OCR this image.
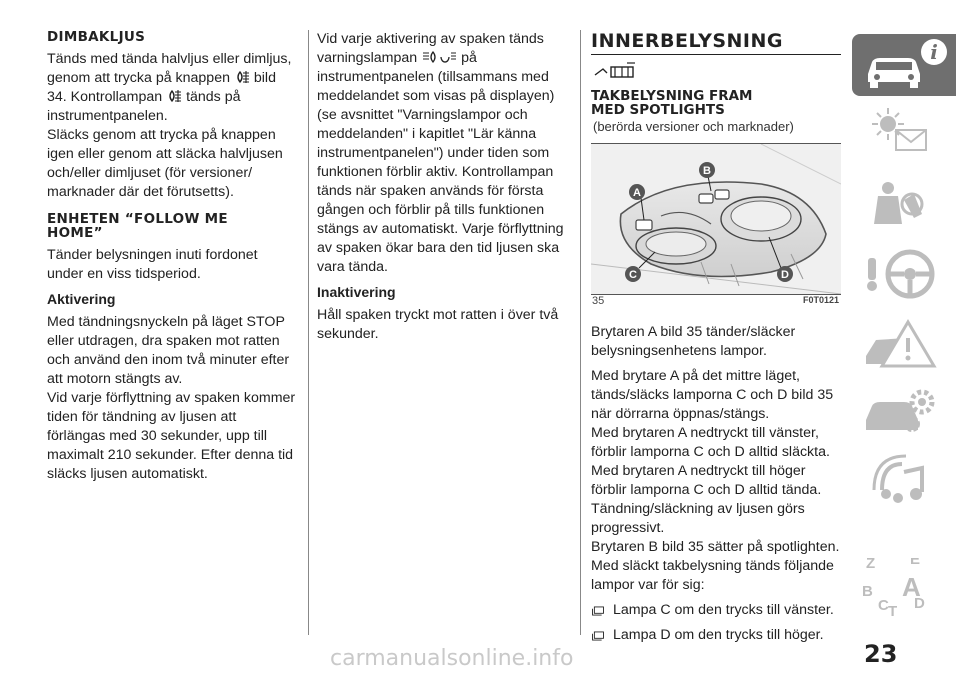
DIMBAKLJUS

Tänds med tända halvljus eller dimljus, genom att trycka på knappen bild 34. Kontrollampan tänds på instrumentpanelen.
Släcks genom att trycka på knappen igen eller genom att släcka halvljusen och/eller dimljuset (för versioner/ marknader där det förutsetts).

ENHETEN “FOLLOW ME
HOME”

Tänder belysningen inuti fordonet under en viss tidsperiod.

Aktivering

Med tändningsnyckeln på läget STOP eller utdragen, dra spaken mot ratten och använd den inom två minuter efter att motorn stängts av.

Vid varje förflyttning av spaken kommer tiden för tändning av ljusen att förlängas med 30 sekunder, upp till maximalt 210 sekunder. Efter denna tid släcks ljusen automatiskt.

Vid varje aktivering av spaken tänds varningslampan	på instrumentpanelen (tillsammans med meddelandet som visas på displayen) (se avsnittet "Varningslampor och meddelanden" i kapitlet "Lär känna instrumentpanelen") under tiden som funktionen förblir aktiv. Kontrollampan tänds när spaken används för första gången och förblir på tills funktionen stängs av automatiskt. Varje förflyttning av spaken ökar bara den tid ljusen ska vara tända.

Inaktivering

Håll spaken tryckt mot ratten i över två sekunder.

INNERBELYSNING
TAKBELYSNING FRAM
MED SPOTLIGHTS
(berörda versioner och marknader)
A
B
C	D
35	F0T0121

Brytaren A bild 35 tänder/släcker belysningsenhetens lampor.

Med brytare A på det mittre läget, tänds/släcks lamporna C och D bild 35 när dörrarna öppnas/stängs.

Med brytaren A nedtryckt till vänster, förblir lamporna C och D alltid släckta.

Med brytaren A nedtryckt till höger förblir lamporna C och D alltid tända.

Tändning/släckning av ljusen görs progressivt.

Brytaren B bild 35 sätter på spotlighten.

Med släckt takbelysning tänds följande lampor var för sig:

Lampa C om den trycks till vänster.
Lampa D om den trycks till höger.
i
Z E
B A
C T D
23
carmanualsonline.info
